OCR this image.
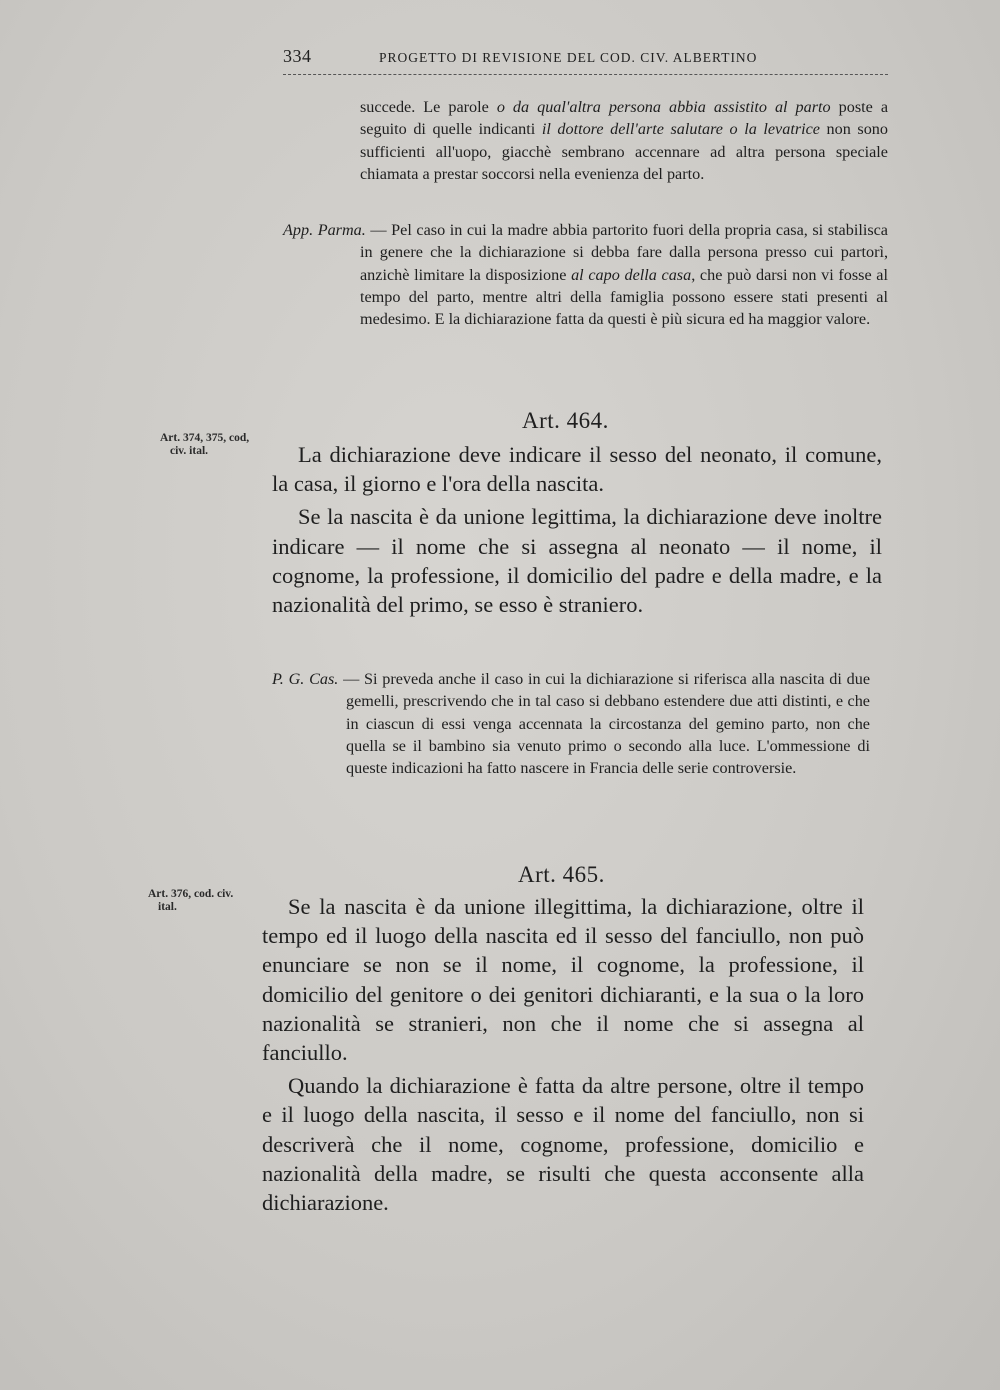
334	PROGETTO DI REVISIONE DEL COD. CIV. ALBERTINO
succede. Le parole o da qual'altra persona abbia assistito al parto poste a seguito di quelle indicanti il dottore dell'arte salutare o la levatrice non sono sufficienti all'uopo, giacchè sembrano accennare ad altra persona speciale chiamata a prestar soccorsi nella evenienza del parto.
App. Parma. — Pel caso in cui la madre abbia partorito fuori della propria casa, si stabilisca in genere che la dichiarazione si debba fare dalla persona presso cui partorì, anzichè limitare la disposizione al capo della casa, che può darsi non vi fosse al tempo del parto, mentre altri della famiglia possono essere stati presenti al medesimo. E la dichiarazione fatta da questi è più sicura ed ha maggior valore.
Art. 374, 375, cod,
civ. ital.
Art. 464.

La dichiarazione deve indicare il sesso del neonato, il comune, la casa, il giorno e l'ora della nascita.

Se la nascita è da unione legittima, la dichiarazione deve inoltre indicare — il nome che si assegna al neonato — il nome, il cognome, la professione, il domicilio del padre e della madre, e la nazionalità del primo, se esso è straniero.

P. G. Cas. — Si preveda anche il caso in cui la dichiarazione si riferisca alla nascita di due gemelli, prescrivendo che in tal caso si debbano estendere due atti distinti, e che in ciascun di essi venga accennata la circostanza del gemino parto, non che quella se il bambino sia venuto primo o secondo alla luce. L'ommessione di queste indicazioni ha fatto nascere in Francia delle serie controversie.
Art. 376, cod. civ.
ital.
Art. 465.

Se la nascita è da unione illegittima, la dichiarazione, oltre il tempo ed il luogo della nascita ed il sesso del fanciullo, non può enunciare se non se il nome, il cognome, la professione, il domicilio del genitore o dei genitori dichiaranti, e la sua o la loro nazionalità se stranieri, non che il nome che si assegna al fanciullo.

Quando la dichiarazione è fatta da altre persone, oltre il tempo e il luogo della nascita, il sesso e il nome del fanciullo, non si descriverà che il nome, cognome, professione, domicilio e nazionalità della madre, se risulti che questa acconsente alla dichiarazione.
